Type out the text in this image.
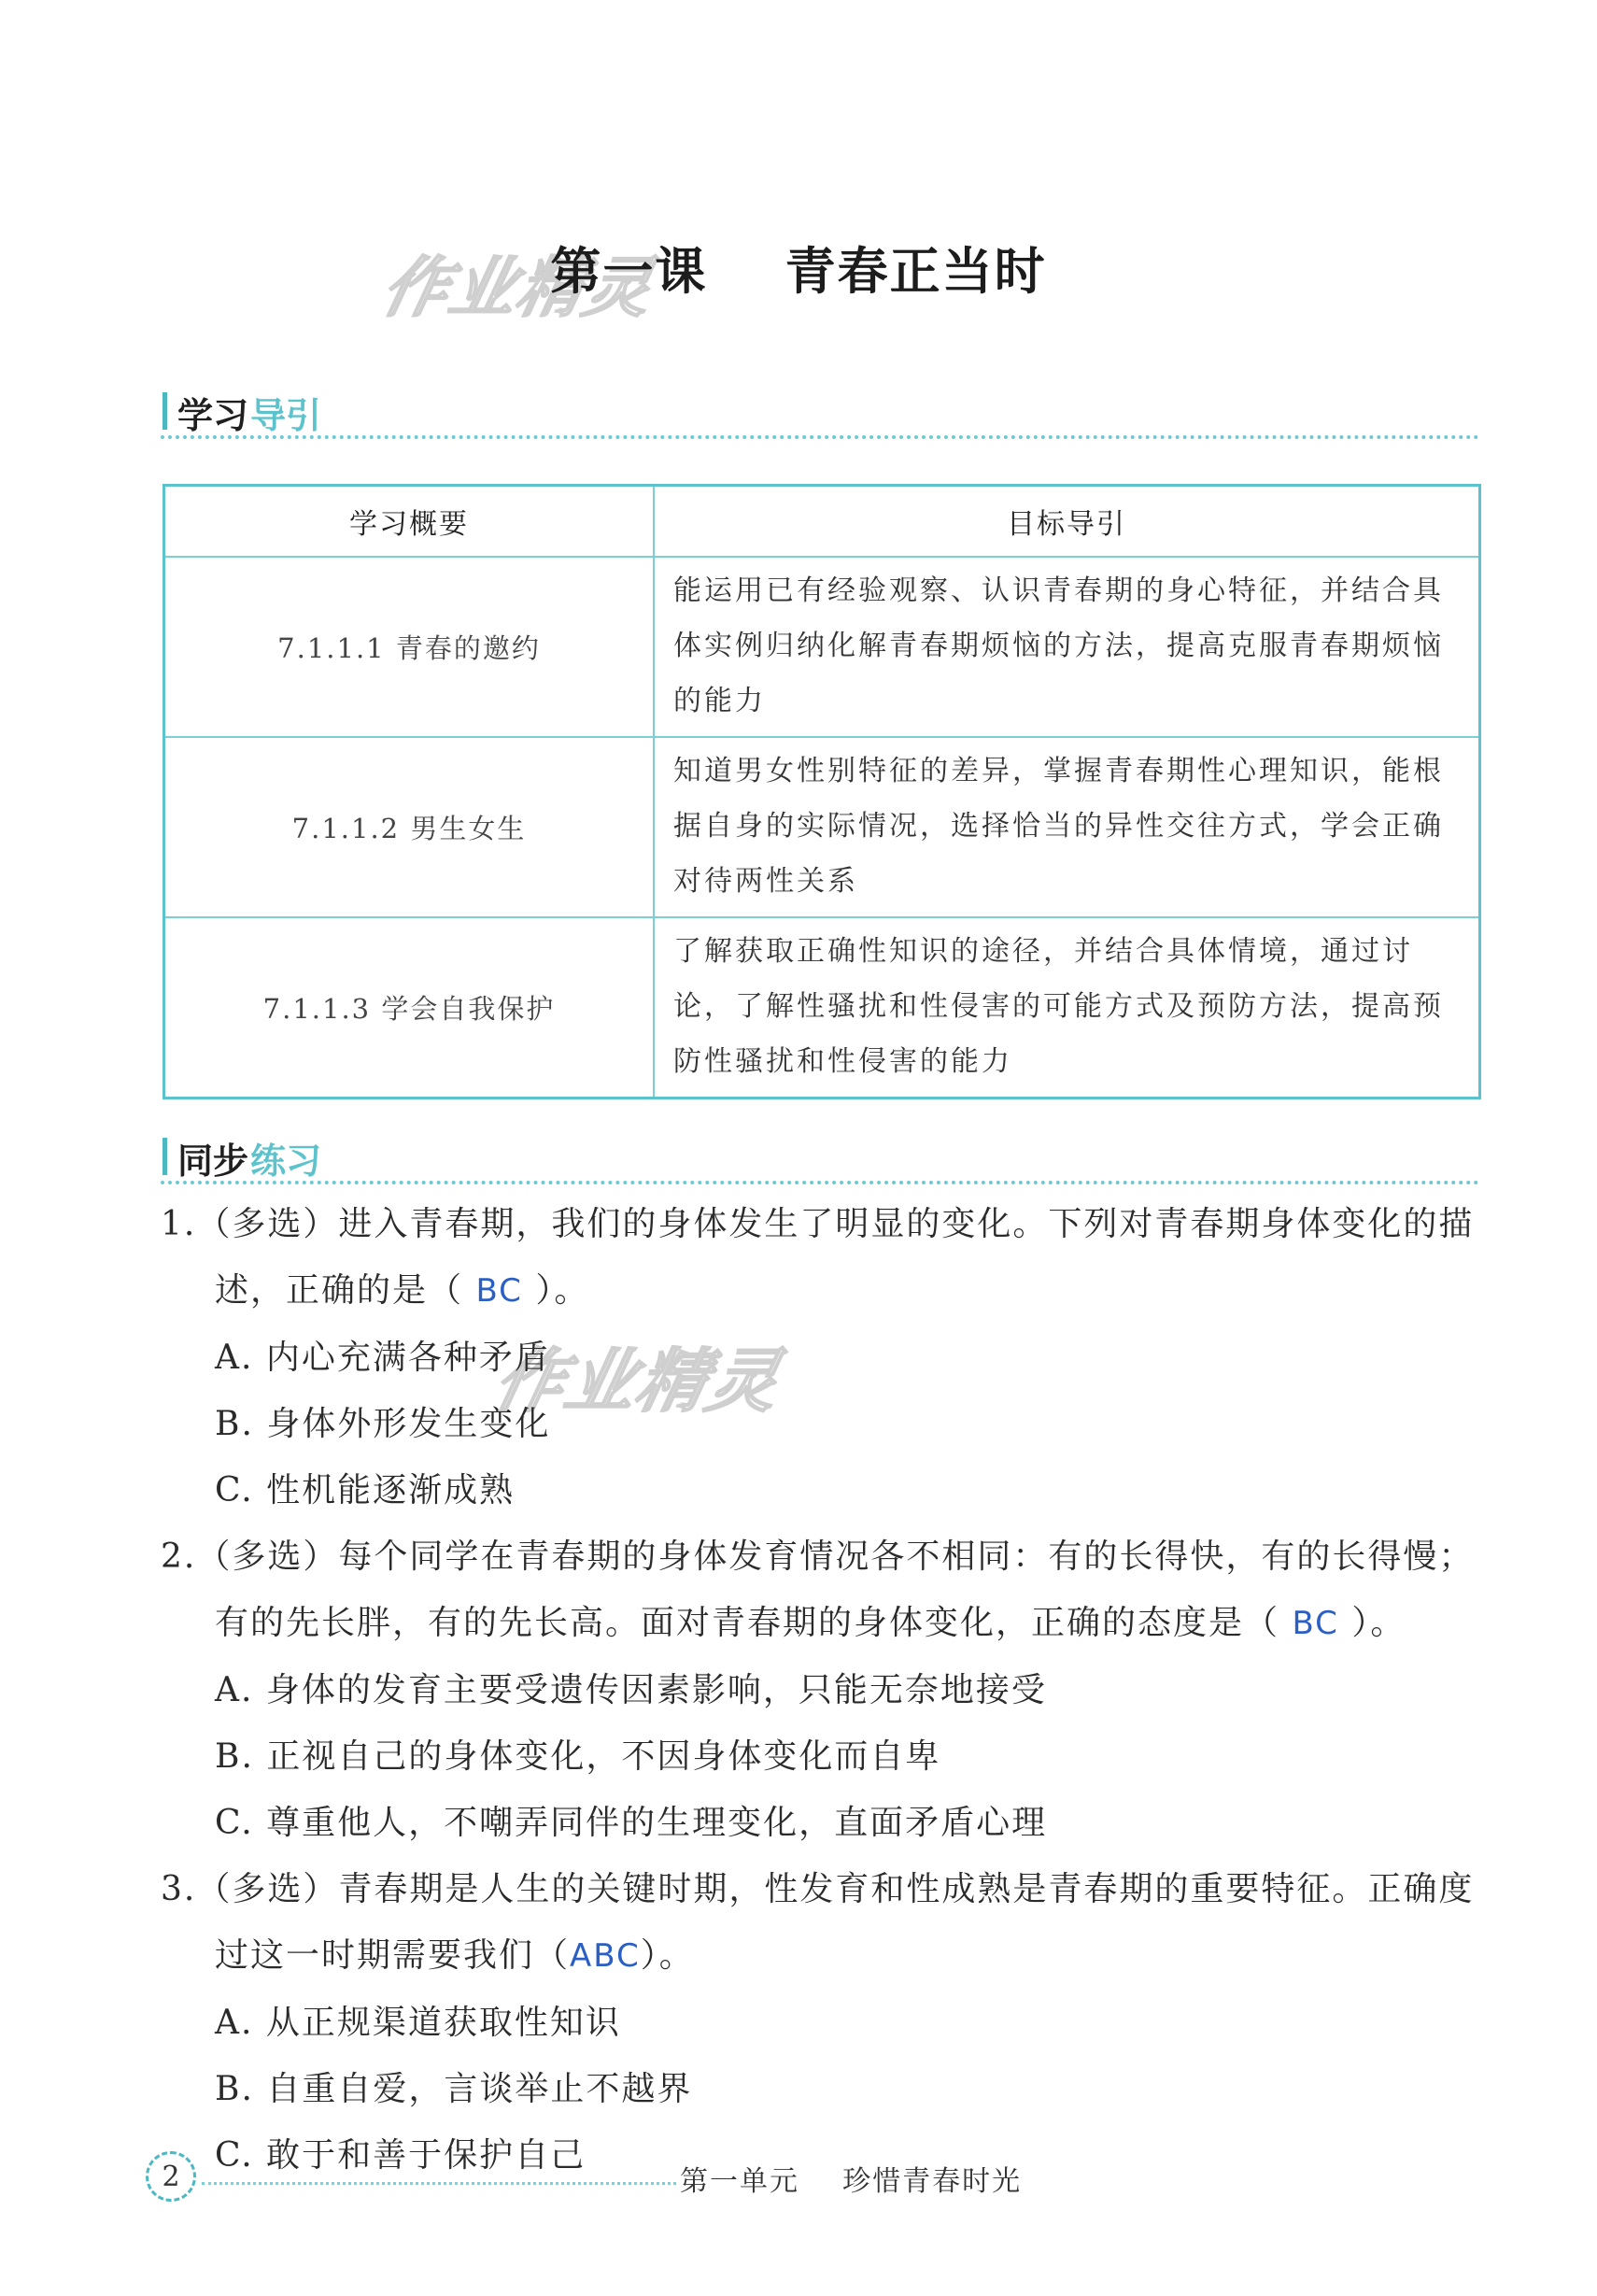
作业精灵
作业精灵
第一课    青春正当时
学习 导引
学习概要	目标导引
7.1.1.1 青春的邀约	能运用已有经验观察、认识青春期的身心特征，并结合具体实例归纳化解青春期烦恼的方法，提高克服青春期烦恼的能力
7.1.1.2 男生女生	知道男女性别特征的差异，掌握青春期性心理知识，能根据自身的实际情况，选择恰当的异性交往方式，学会正确对待两性关系
7.1.1.3 学会自我保护	了解获取正确性知识的途径，并结合具体情境，通过讨论，了解性骚扰和性侵害的可能方式及预防方法，提高预防性骚扰和性侵害的能力
同步 练习
1.（多选）进入青春期，我们的身体发生了明显的变化。下列对青春期身体变化的描述，正确的是（ BC ）。
A. 内心充满各种矛盾
B. 身体外形发生变化
C. 性机能逐渐成熟
2.（多选）每个同学在青春期的身体发育情况各不相同：有的长得快，有的长得慢；有的先长胖，有的先长高。面对青春期的身体变化，正确的态度是（ BC ）。
A. 身体的发育主要受遗传因素影响，只能无奈地接受
B. 正视自己的身体变化，不因身体变化而自卑
C. 尊重他人，不嘲弄同伴的生理变化，直面矛盾心理
3.（多选）青春期是人生的关键时期，性发育和性成熟是青春期的重要特征。正确度过这一时期需要我们（ABC）。
A. 从正规渠道获取性知识
B. 自重自爱，言谈举止不越界
C. 敢于和善于保护自己
2	第一单元    珍惜青春时光
